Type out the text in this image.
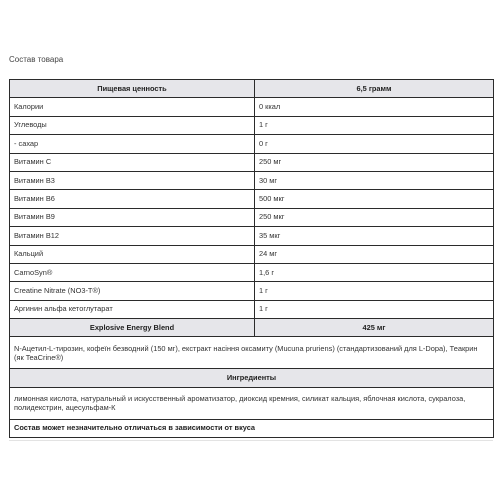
Состав товара
Пищевая ценность	6,5 грамм
Калории	0 ккал
Углеводы	1 г
- сахар	0 г
Витамин C	250 мг
Витамин B3	30 мг
Витамин B6	500 мкг
Витамин B9	250 мкг
Витамин B12	35 мкг
Кальций	24 мг
CarnoSyn®	1,6 г
Creatine Nitrate (NO3-T®)	1 г
Аргинин альфа кетоглутарат	1 г
Explosive Energy Blend	425 мг
N-Ацетил-L-тирозин, кофеїн безводний (150 мг), екстракт насіння оксамиту (Mucuna pruriens) (стандартизований для L-Dopa), Теакрин (як TeaCrine®)	
Ингредиенты	
лимонная кислота, натуральный и искусственный ароматизатор, диоксид кремния, силикат кальция, яблочная кислота, сукралоза, полидекстрин, ацесульфам-К	
Состав может незначительно отличаться в зависимости от вкуса	
